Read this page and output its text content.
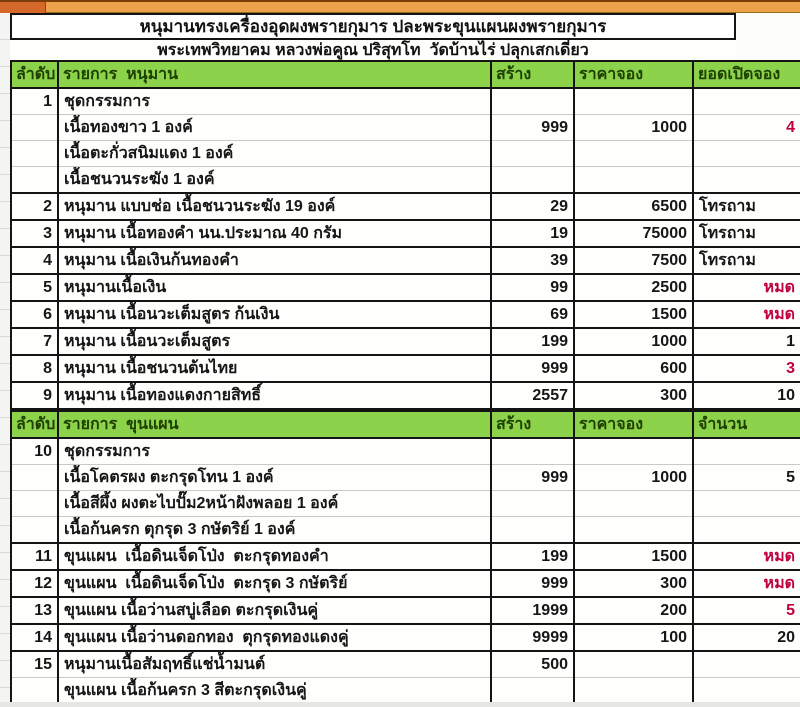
หนุมานทรงเครื่องอุดผงพรายกุมาร ปละพระขุนแผนผงพรายกุมาร
พระเทพวิทยาคม หลวงพ่อคูณ ปริสุทโท  วัดบ้านไร่ ปลุกเสกเดี่ยว
ลำดับ	รายการ  หนุมาน	สร้าง	ราคาจอง	ยอดเปิดจอง
1	ชุดกรรมการ			
	เนื้อทองขาว 1 องค์	999	1000	4
	เนื้อตะกั่วสนิมแดง 1 องค์			
	เนื้อชนวนระฆัง 1 องค์			
2	หนุมาน แบบช่อ เนื้อชนวนระฆัง 19 องค์	29	6500	โทรถาม
3	หนุมาน เนื้อทองคำ นน.ประมาณ 40 กรัม	19	75000	โทรถาม
4	หนุมาน เนื้อเงินก้นทองคำ	39	7500	โทรถาม
5	หนุมานเนื้อเงิน	99	2500	หมด
6	หนุมาน เนื้อนวะเต็มสูตร ก้นเงิน	69	1500	หมด
7	หนุมาน เนื้อนวะเต็มสูตร	199	1000	1
8	หนุมาน เนื้อชนวนต้นไทย	999	600	3
9	หนุมาน เนื้อทองแดงกายสิทธิ์	2557	300	10
ลำดับ	รายการ  ขุนแผน	สร้าง	ราคาจอง	จำนวน
10	ชุดกรรมการ			
	เนื้อโคตรผง ตะกรุดโทน 1 องค์	999	1000	5
	เนื้อสีผึ้ง ผงตะไบปั๊ม2หน้าฝังพลอย 1 องค์			
	เนื้อก้นครก ตุกรุด 3 กษัตริย์ 1 องค์			
11	ขุนแผน  เนื้อดินเจ็ดโป่ง  ตะกรุดทองคำ	199	1500	หมด
12	ขุนแผน  เนื้อดินเจ็ดโป่ง  ตะกรุด 3 กษัตริย์	999	300	หมด
13	ขุนแผน เนื้อว่านสบู่เลือด ตะกรุดเงินคู่	1999	200	5
14	ขุนแผน เนื้อว่านดอกทอง  ตุกรุดทองแดงคู่	9999	100	20
15	หนุมานเนื้อสัมฤทธิ์แช่น้ำมนต์	500		
	ขุนแผน เนื้อก้นครก 3 สีตะกรุดเงินคู่			
